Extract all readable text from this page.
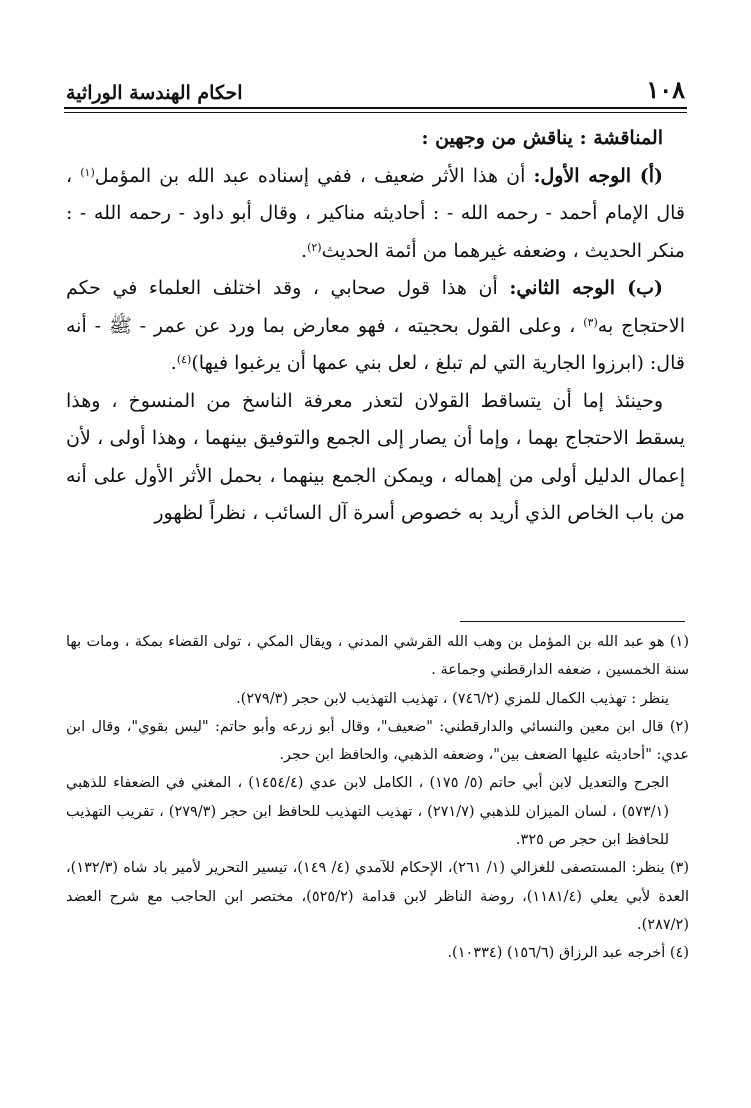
١٠٨
احكام الهندسة الوراثية

المناقشة : يناقش من وجهين :

(أ) الوجه الأول: أن هذا الأثر ضعيف ، ففي إسناده عبد الله بن المؤمل$^{(١)}$ ، قال الإمام أحمد - رحمه الله - : أحاديثه مناكير ، وقال أبو داود - رحمه الله - : منكر الحديث ، وضعفه غيرهما من أئمة الحديث$^{(٢)}$.

(ب) الوجه الثاني: أن هذا قول صحابي ، وقد اختلف العلماء في حكم الاحتجاج به$^{(٣)}$ ، وعلى القول بحجيته ، فهو معارض بما ورد عن عمر - ﷺ - أنه قال: (ابرزوا الجارية التي لم تبلغ ، لعل بني عمها أن يرغبوا فيها)$^{(٤)}$.

وحينئذ إما أن يتساقط القولان لتعذر معرفة الناسخ من المنسوخ ، وهذا يسقط الاحتجاج بهما ، وإما أن يصار إلى الجمع والتوفيق بينهما ، وهذا أولى ، لأن إعمال الدليل أولى من إهماله ، ويمكن الجمع بينهما ، بحمل الأثر الأول على أنه من باب الخاص الذي أريد به خصوص أسرة آل السائب ، نظراً لظهور

(١) هو عبد الله بن المؤمل بن وهب الله القرشي المدني ، ويقال المكي ، تولى القضاء بمكة ، ومات بها سنة الخمسين ، ضعفه الدارقطني وجماعة .

ينظر : تهذيب الكمال للمزي (٧٤٦/٢) ، تهذيب التهذيب لابن حجر (٢٧٩/٣).

(٢) قال ابن معين والنسائي والدارقطني: "ضعيف"، وقال أبو زرعه وأبو حاتم: "ليس بقوي"، وقال ابن عدي: "أحاديثه عليها الضعف بين"، وضعفه الذهبي، والحافظ ابن حجر.

الجرح والتعديل لابن أبي حاتم (٥/ ١٧٥) ، الكامل لابن عدي (١٤٥٤/٤) ، المغني في الضعفاء للذهبي (٥٧٣/١) ، لسان الميزان للذهبي (٢٧١/٧) ، تهذيب التهذيب للحافظ ابن حجر (٢٧٩/٣) ، تقريب التهذيب للحافظ ابن حجر ص ٣٢٥.

(٣) ينظر: المستصفى للغزالي (١/ ٢٦١)، الإحكام للآمدي (٤/ ١٤٩)، تيسير التحرير لأمير باد شاه (١٣٢/٣)، العدة لأبي يعلي (١١٨١/٤)، روضة الناظر لابن قدامة (٥٢٥/٢)، مختصر ابن الحاجب مع شرح العضد (٢٨٧/٢).

(٤) أخرجه عبد الرزاق (١٥٦/٦) (١٠٣٣٤).
